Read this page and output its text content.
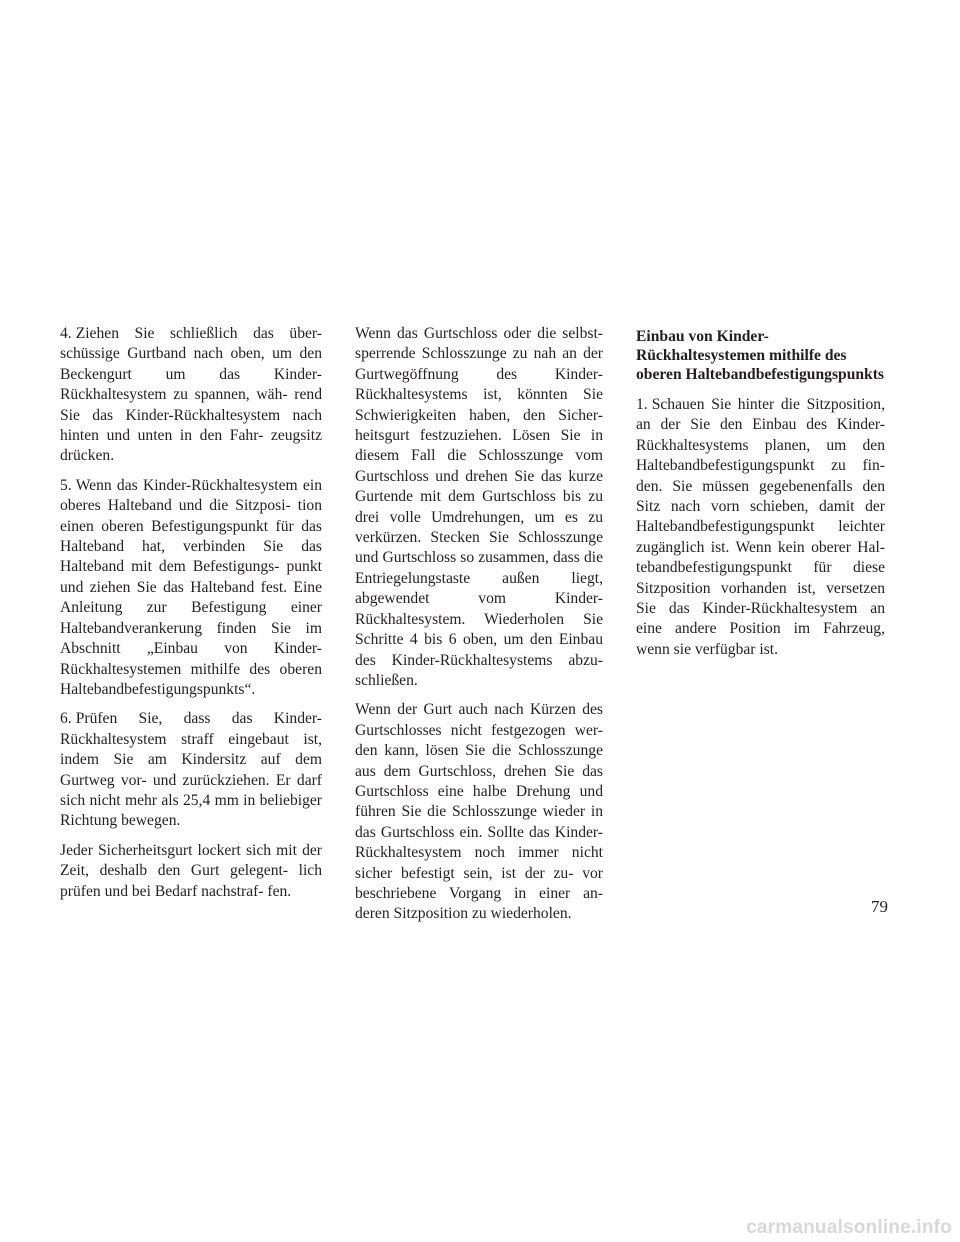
4. Ziehen Sie schließlich das über- schüssige Gurtband nach oben, um den Beckengurt um das Kinder- Rückhaltesystem zu spannen, wäh- rend Sie das Kinder-Rückhaltesystem nach hinten und unten in den Fahr- zeugsitz drücken.

5. Wenn das Kinder-Rückhaltesystem ein oberes Halteband und die Sitzposi- tion einen oberen Befestigungspunkt für das Halteband hat, verbinden Sie das Halteband mit dem Befestigungs- punkt und ziehen Sie das Halteband fest. Eine Anleitung zur Befestigung einer Haltebandverankerung finden Sie im Abschnitt „Einbau von Kinder- Rückhaltesystemen mithilfe des oberen Haltebandbefestigungspunkts“.

6. Prüfen Sie, dass das Kinder- Rückhaltesystem straff eingebaut ist, indem Sie am Kindersitz auf dem Gurtweg vor- und zurückziehen. Er darf sich nicht mehr als 25,4 mm in beliebiger Richtung bewegen.

Jeder Sicherheitsgurt lockert sich mit der Zeit, deshalb den Gurt gelegent- lich prüfen und bei Bedarf nachstraf- fen.

Wenn das Gurtschloss oder die selbst- sperrende Schlosszunge zu nah an der Gurtwegöffnung des Kinder- Rückhaltesystems ist, könnten Sie Schwierigkeiten haben, den Sicher- heitsgurt festzuziehen. Lösen Sie in diesem Fall die Schlosszunge vom Gurtschloss und drehen Sie das kurze Gurtende mit dem Gurtschloss bis zu drei volle Umdrehungen, um es zu verkürzen. Stecken Sie Schlosszunge und Gurtschloss so zusammen, dass die Entriegelungstaste außen liegt, abgewendet vom Kinder- Rückhaltesystem. Wiederholen Sie Schritte 4 bis 6 oben, um den Einbau des Kinder-Rückhaltesystems abzu- schließen.

Wenn der Gurt auch nach Kürzen des Gurtschlosses nicht festgezogen wer- den kann, lösen Sie die Schlosszunge aus dem Gurtschloss, drehen Sie das Gurtschloss eine halbe Drehung und führen Sie die Schlosszunge wieder in das Gurtschloss ein. Sollte das Kinder-Rückhaltesystem noch immer nicht sicher befestigt sein, ist der zu- vor beschriebene Vorgang in einer an- deren Sitzposition zu wiederholen.

Einbau von Kinder- Rückhaltesystemen mithilfe des oberen Haltebandbefestigungspunkts

1. Schauen Sie hinter die Sitzposition, an der Sie den Einbau des Kinder- Rückhaltesystems planen, um den Haltebandbefestigungspunkt zu fin- den. Sie müssen gegebenenfalls den Sitz nach vorn schieben, damit der Haltebandbefestigungspunkt leichter zugänglich ist. Wenn kein oberer Hal- tebandbefestigungspunkt für diese Sitzposition vorhanden ist, versetzen Sie das Kinder-Rückhaltesystem an eine andere Position im Fahrzeug, wenn sie verfügbar ist.

79
carmanualsonline.info
